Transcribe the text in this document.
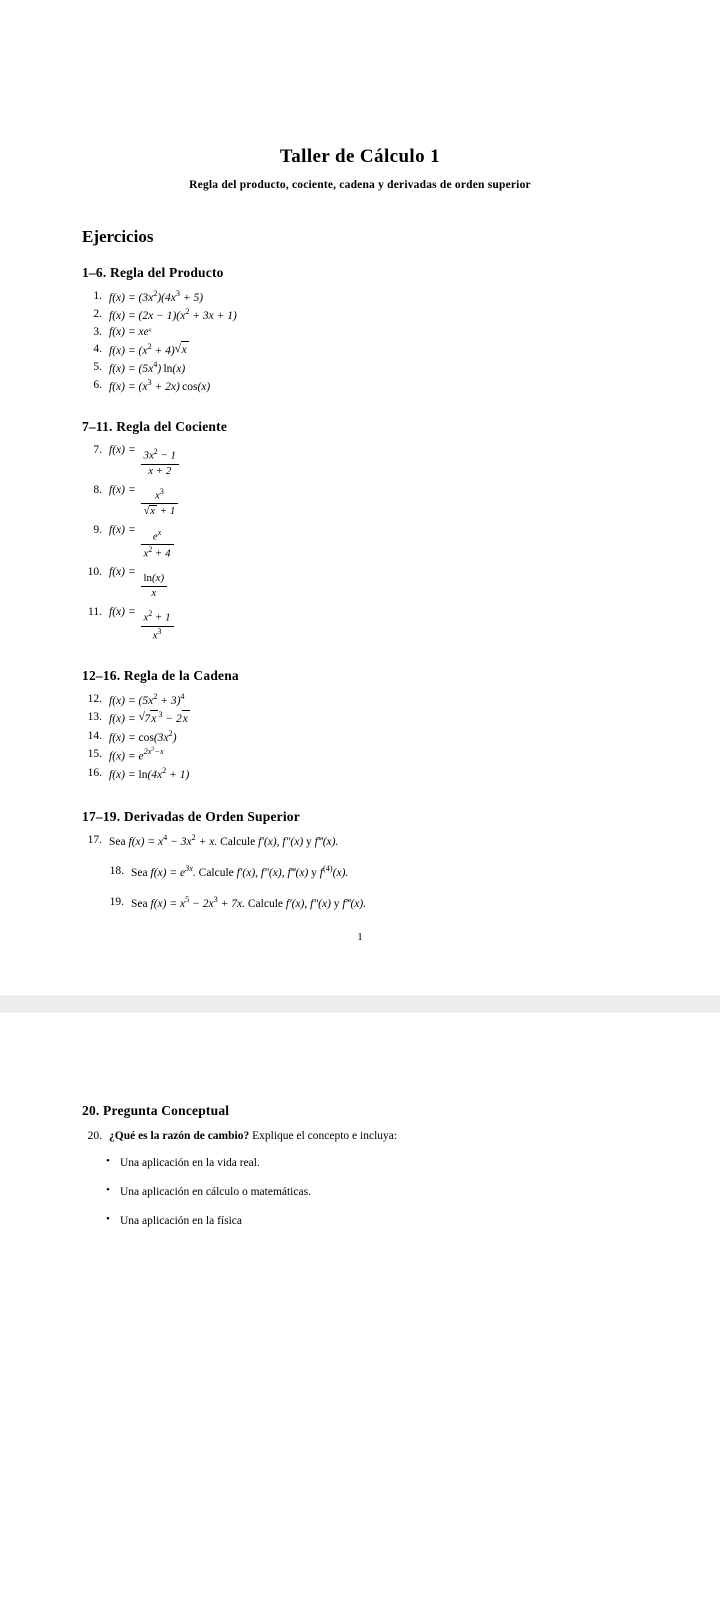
Taller de Cálculo 1
Regla del producto, cociente, cadena y derivadas de orden superior
Ejercicios
1–6. Regla del Producto
1. $f(x) = (3x^2)(4x^3 + 5)$
2. $f(x) = (2x - 1)(x^2 + 3x + 1)$
3. $f(x) = xe^x$
4. $f(x) = (x^2 + 4)$ √ x
5. $f(x) = (5x^4)$ ln(x)
6. $f(x) = (x^3 + 2x)$ cos(x)
7–11. Regla del Cociente
7. $f(x) = \frac{3x^2 - 1}{x + 2}$
8. $f(x) = x^3$
√ x + 1
9. $f(x) = \frac{e^x}{x^2 + 4}$
10. f(x) =
$\frac{\ln(x)}{x}$
11. $f(x) = \frac{x^2 + 1}{x^3}$
12–16. Regla de la Cadena
12. $f(x) = (5x^2 + 3)^4$
13. f(x) = √ 7x $^3$ − 2x
14. $f(x) = \cos(3x^2)$
15. $f(x) = e^{2x^3-x}$
16. $f(x) = \ln(4x^2 + 1)$
17–19. Derivadas de Orden Superior
17. Sea $f(x) = x^4 - 3x^2 + x$. Calcule f′(x), f″(x) y f‴(x).
18. Sea $f(x) = e^{3x}$. Calcule f′(x), f″(x), f‴(x) y $f^{(4)}(x)$.
19. Sea $f(x) = x^5 - 2x^3 + 7x$. Calcule f′(x), f″(x) y f‴(x).
1
20. Pregunta Conceptual
20. ¿Qué es la razón de cambio? Explique el concepto e incluya:
• Una aplicación en la vida real.
• Una aplicación en cálculo o matemáticas.
• Una aplicación en la física
